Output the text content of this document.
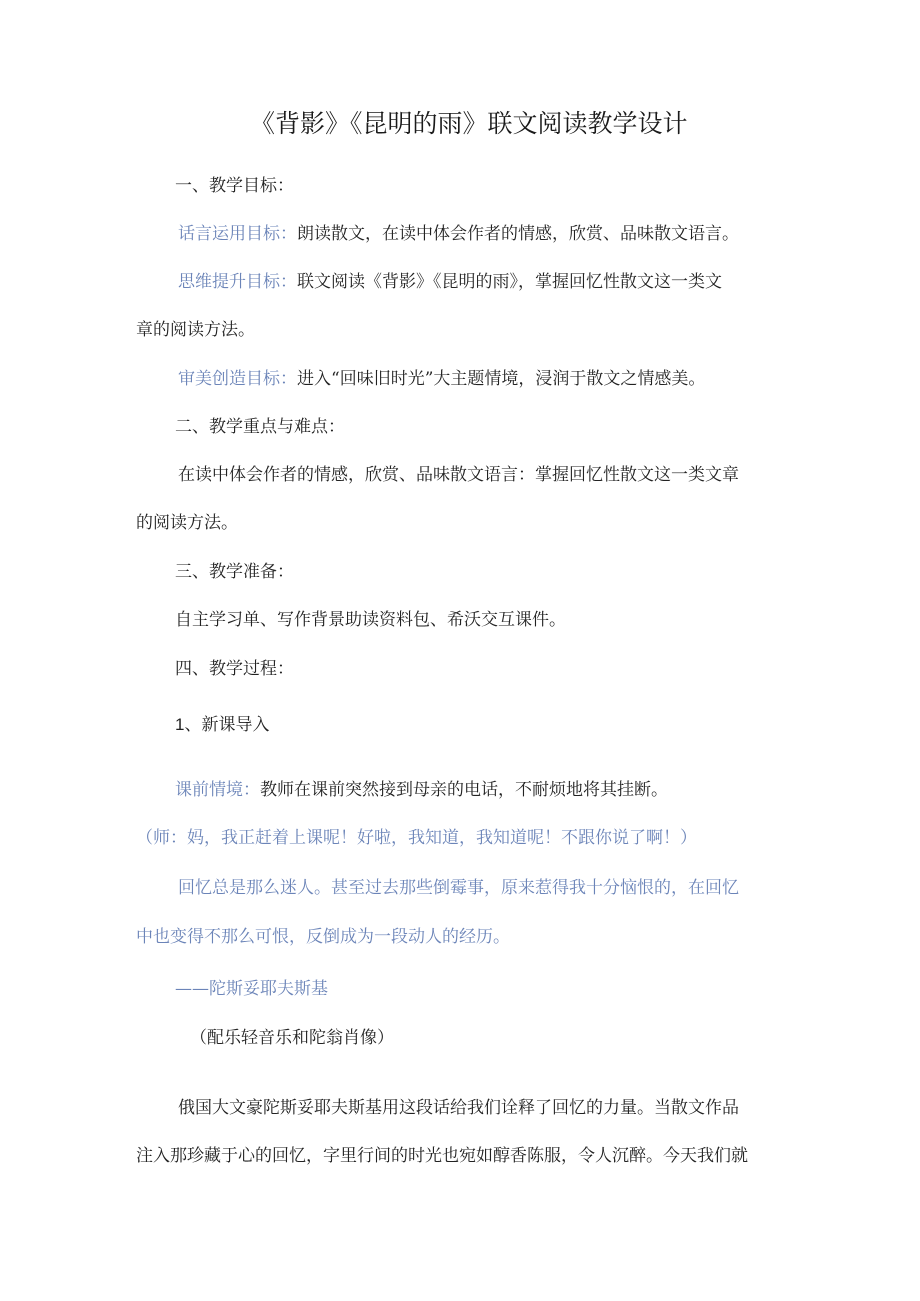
《背影》《昆明的雨》联文阅读教学设计
一、教学目标：
话言运用目标：朗读散文，在读中体会作者的情感，欣赏、品味散文语言。
思维提升目标：联文阅读《背影》《昆明的雨》，掌握回忆性散文这一类文
章的阅读方法。
审美创造目标：进入“回味旧时光”大主题情境，浸润于散文之情感美。
二、教学重点与难点：
在读中体会作者的情感，欣赏、品味散文语言：掌握回忆性散文这一类文章
的阅读方法。
三、教学准备：
自主学习单、写作背景助读资料包、希沃交互课件。
四、教学过程：
1、新课导入
课前情境：教师在课前突然接到母亲的电话，不耐烦地将其挂断。
（师：妈，我正赶着上课呢！好啦，我知道，我知道呢！不跟你说了啊！）
回忆总是那么迷人。甚至过去那些倒霉事，原来惹得我十分恼恨的，在回忆
中也变得不那么可恨，反倒成为一段动人的经历。
——陀斯妥耶夫斯基
（配乐轻音乐和陀翁肖像）
俄国大文豪陀斯妥耶夫斯基用这段话给我们诠释了回忆的力量。当散文作品
注入那珍藏于心的回忆，字里行间的时光也宛如醇香陈服，令人沉醉。今天我们就
